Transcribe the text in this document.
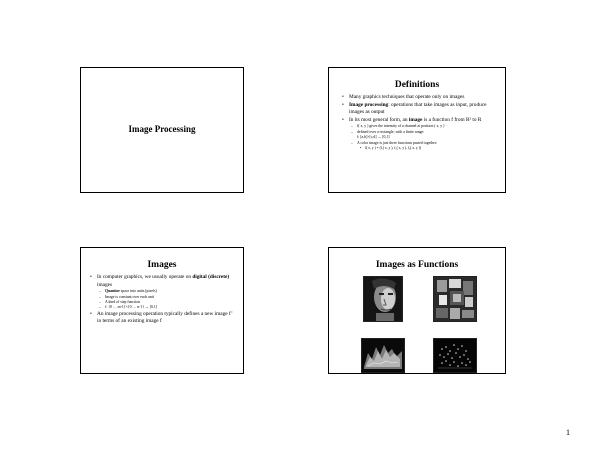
Image Processing
Definitions
• Many graphics techniques that operate only on images
• Image processing: operations that take images as input, produce images as output
• In its most general form, an image is a function f from R² to R
– f( x, y ) gives the intensity of a channel at position ( x, y )
– defined over a rectangle, with a finite range:
f: [a,b]×[c,d] → [0,1]
– A color image is just three functions pasted together:
• f( x, y ) = (fᵣ( x, y ), f₉( x, y ), fᵦ( x, y ))
Images
• In computer graphics, we usually operate on digital (discrete) images
– Quantize space into units (pixels)
– Image is constant over each unit
– A kind of step function
– f: {0 … m-1}×{0 … n-1} → [0,1]
• An image processing operation typically defines a new image f’ in terms of an existing image f
Images as Functions
1
